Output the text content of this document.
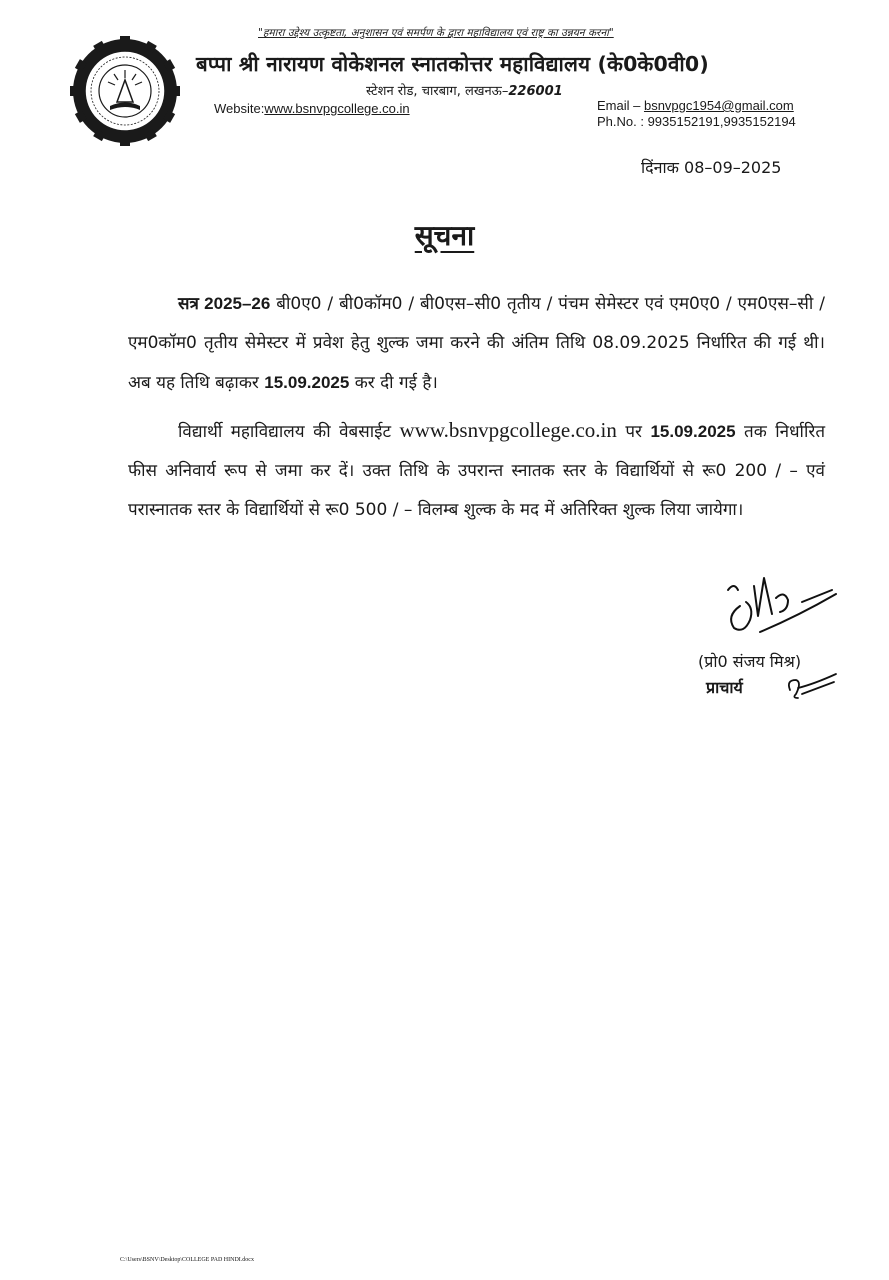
"हमारा उद्देश्य उत्कृष्टता, अनुशासन एवं समर्पण के द्वारा महाविद्यालय एवं राष्ट्र का उन्नयन करना"
बप्पा श्री नारायण वोकेशनल स्नातकोत्तर महाविद्यालय (के0के0वी0)
स्टेशन रोड, चारबाग, लखनऊ–226001
Website:www.bsnvpgcollege.co.in	Email – bsnvpgc1954@gmail.com
Ph.No. : 9935152191,9935152194
दिंनाक 08–09–2025
सूचना

सत्र 2025–26 बी0ए0 / बी0कॉम0 / बी0एस–सी0 तृतीय / पंचम सेमेस्टर एवं एम0ए0 / एम0एस–सी / एम0कॉम0 तृतीय सेमेस्टर में प्रवेश हेतु शुल्क जमा करने की अंतिम तिथि 08.09.2025 निर्धारित की गई थी। अब यह तिथि बढ़ाकर 15.09.2025 कर दी गई है।

विद्यार्थी महाविद्यालय की वेबसाईट www.bsnvpgcollege.co.in पर 15.09.2025 तक निर्धारित फीस अनिवार्य रूप से जमा कर दें। उक्त तिथि के उपरान्त स्नातक स्तर के विद्यार्थियों से रू0 200 / – एवं परास्नातक स्तर के विद्यार्थियों से रू0 500 / – विलम्ब शुल्क के मद में अतिरिक्त शुल्क लिया जायेगा।

(प्रो0 संजय मिश्र)
प्राचार्य
C:\Users\BSNV\Desktop\COLLEGE PAD HINDI.docx
